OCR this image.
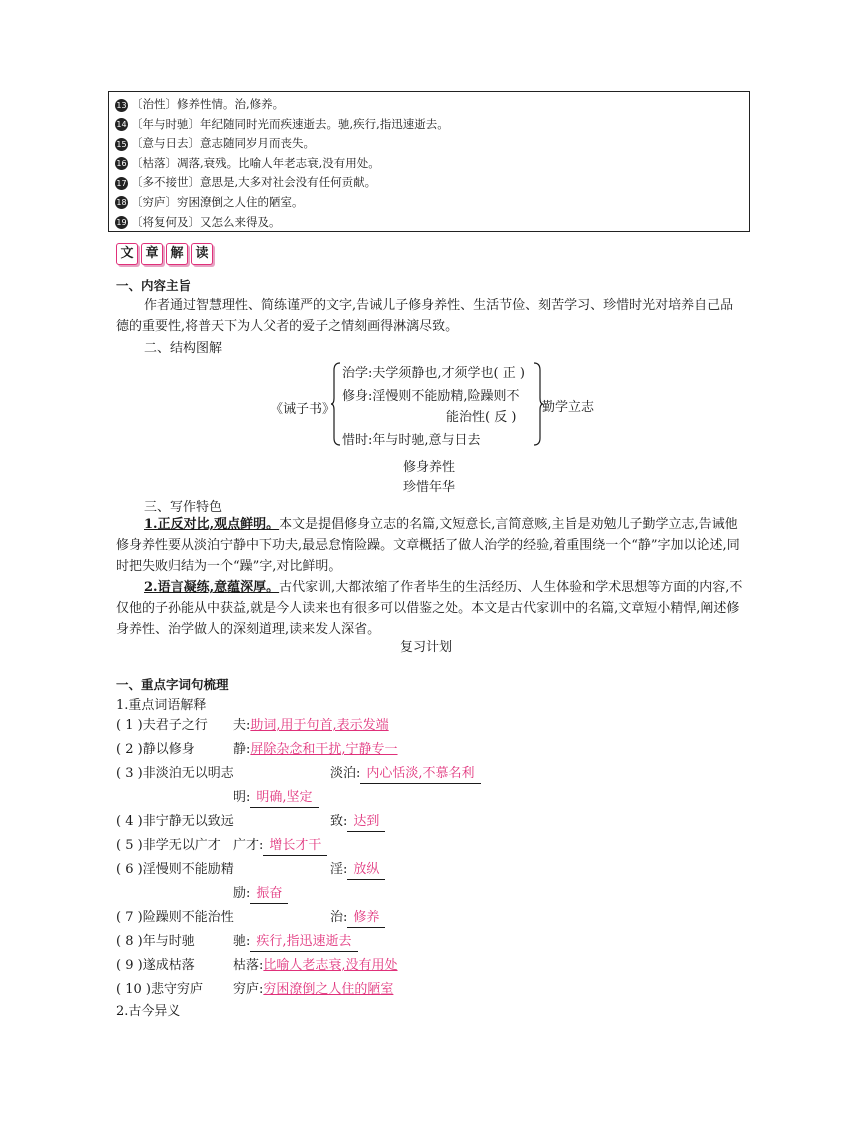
13 〔治性〕修养性情。治,修养。
14 〔年与时驰〕年纪随同时光而疾速逝去。驰,疾行,指迅速逝去。
15 〔意与日去〕意志随同岁月而丧失。
16 〔枯落〕凋落,衰残。比喻人年老志衰,没有用处。
17 〔多不接世〕意思是,大多对社会没有任何贡献。
18 〔穷庐〕穷困潦倒之人住的陋室。
19 〔将复何及〕又怎么来得及。
文 章 解 读
一、内容主旨
作者通过智慧理性、简练谨严的文字,告诫儿子修身养性、生活节俭、刻苦学习、珍惜时光对培养自己品德的重要性,将普天下为人父者的爱子之情刻画得淋漓尽致。
二、结构图解
《诫子书》
治学:夫学须静也,才须学也( 正 )
修身:淫慢则不能励精,险躁则不
能治性( 反 )
惜时:年与时驰,意与日去
勤学立志
修身养性
珍惜年华
三、写作特色
1.正反对比,观点鲜明。本文是提倡修身立志的名篇,文短意长,言简意赅,主旨是劝勉儿子勤学立志,告诫他修身养性要从淡泊宁静中下功夫,最忌怠惰险躁。文章概括了做人治学的经验,着重围绕一个“静”字加以论述,同时把失败归结为一个“躁”字,对比鲜明。
2.语言凝练,意蕴深厚。古代家训,大都浓缩了作者毕生的生活经历、人生体验和学术思想等方面的内容,不仅他的子孙能从中获益,就是今人读来也有很多可以借鉴之处。本文是古代家训中的名篇,文章短小精悍,阐述修身养性、治学做人的深刻道理,读来发人深省。
复习计划
一、重点字词句梳理
1.重点词语解释
( 1 )夫君子之行 夫:助词,用于句首,表示发端
( 2 )静以修身	静:屏除杂念和干扰,宁静专一
( 3 )非淡泊无以明志	淡泊: 内心恬淡,不慕名利
明: 明确,坚定
( 4 )非宁静无以致远	致: 达到
( 5 )非学无以广才 广才: 增长才干
( 6 )淫慢则不能励精	淫: 放纵
励: 振奋
( 7 )险躁则不能治性	治: 修养
( 8 )年与时驰	驰: 疾行,指迅速逝去
( 9 )遂成枯落	枯落:比喻人老志衰,没有用处
( 10 )悲守穷庐 穷庐:穷困潦倒之人住的陋室
2.古今异义
